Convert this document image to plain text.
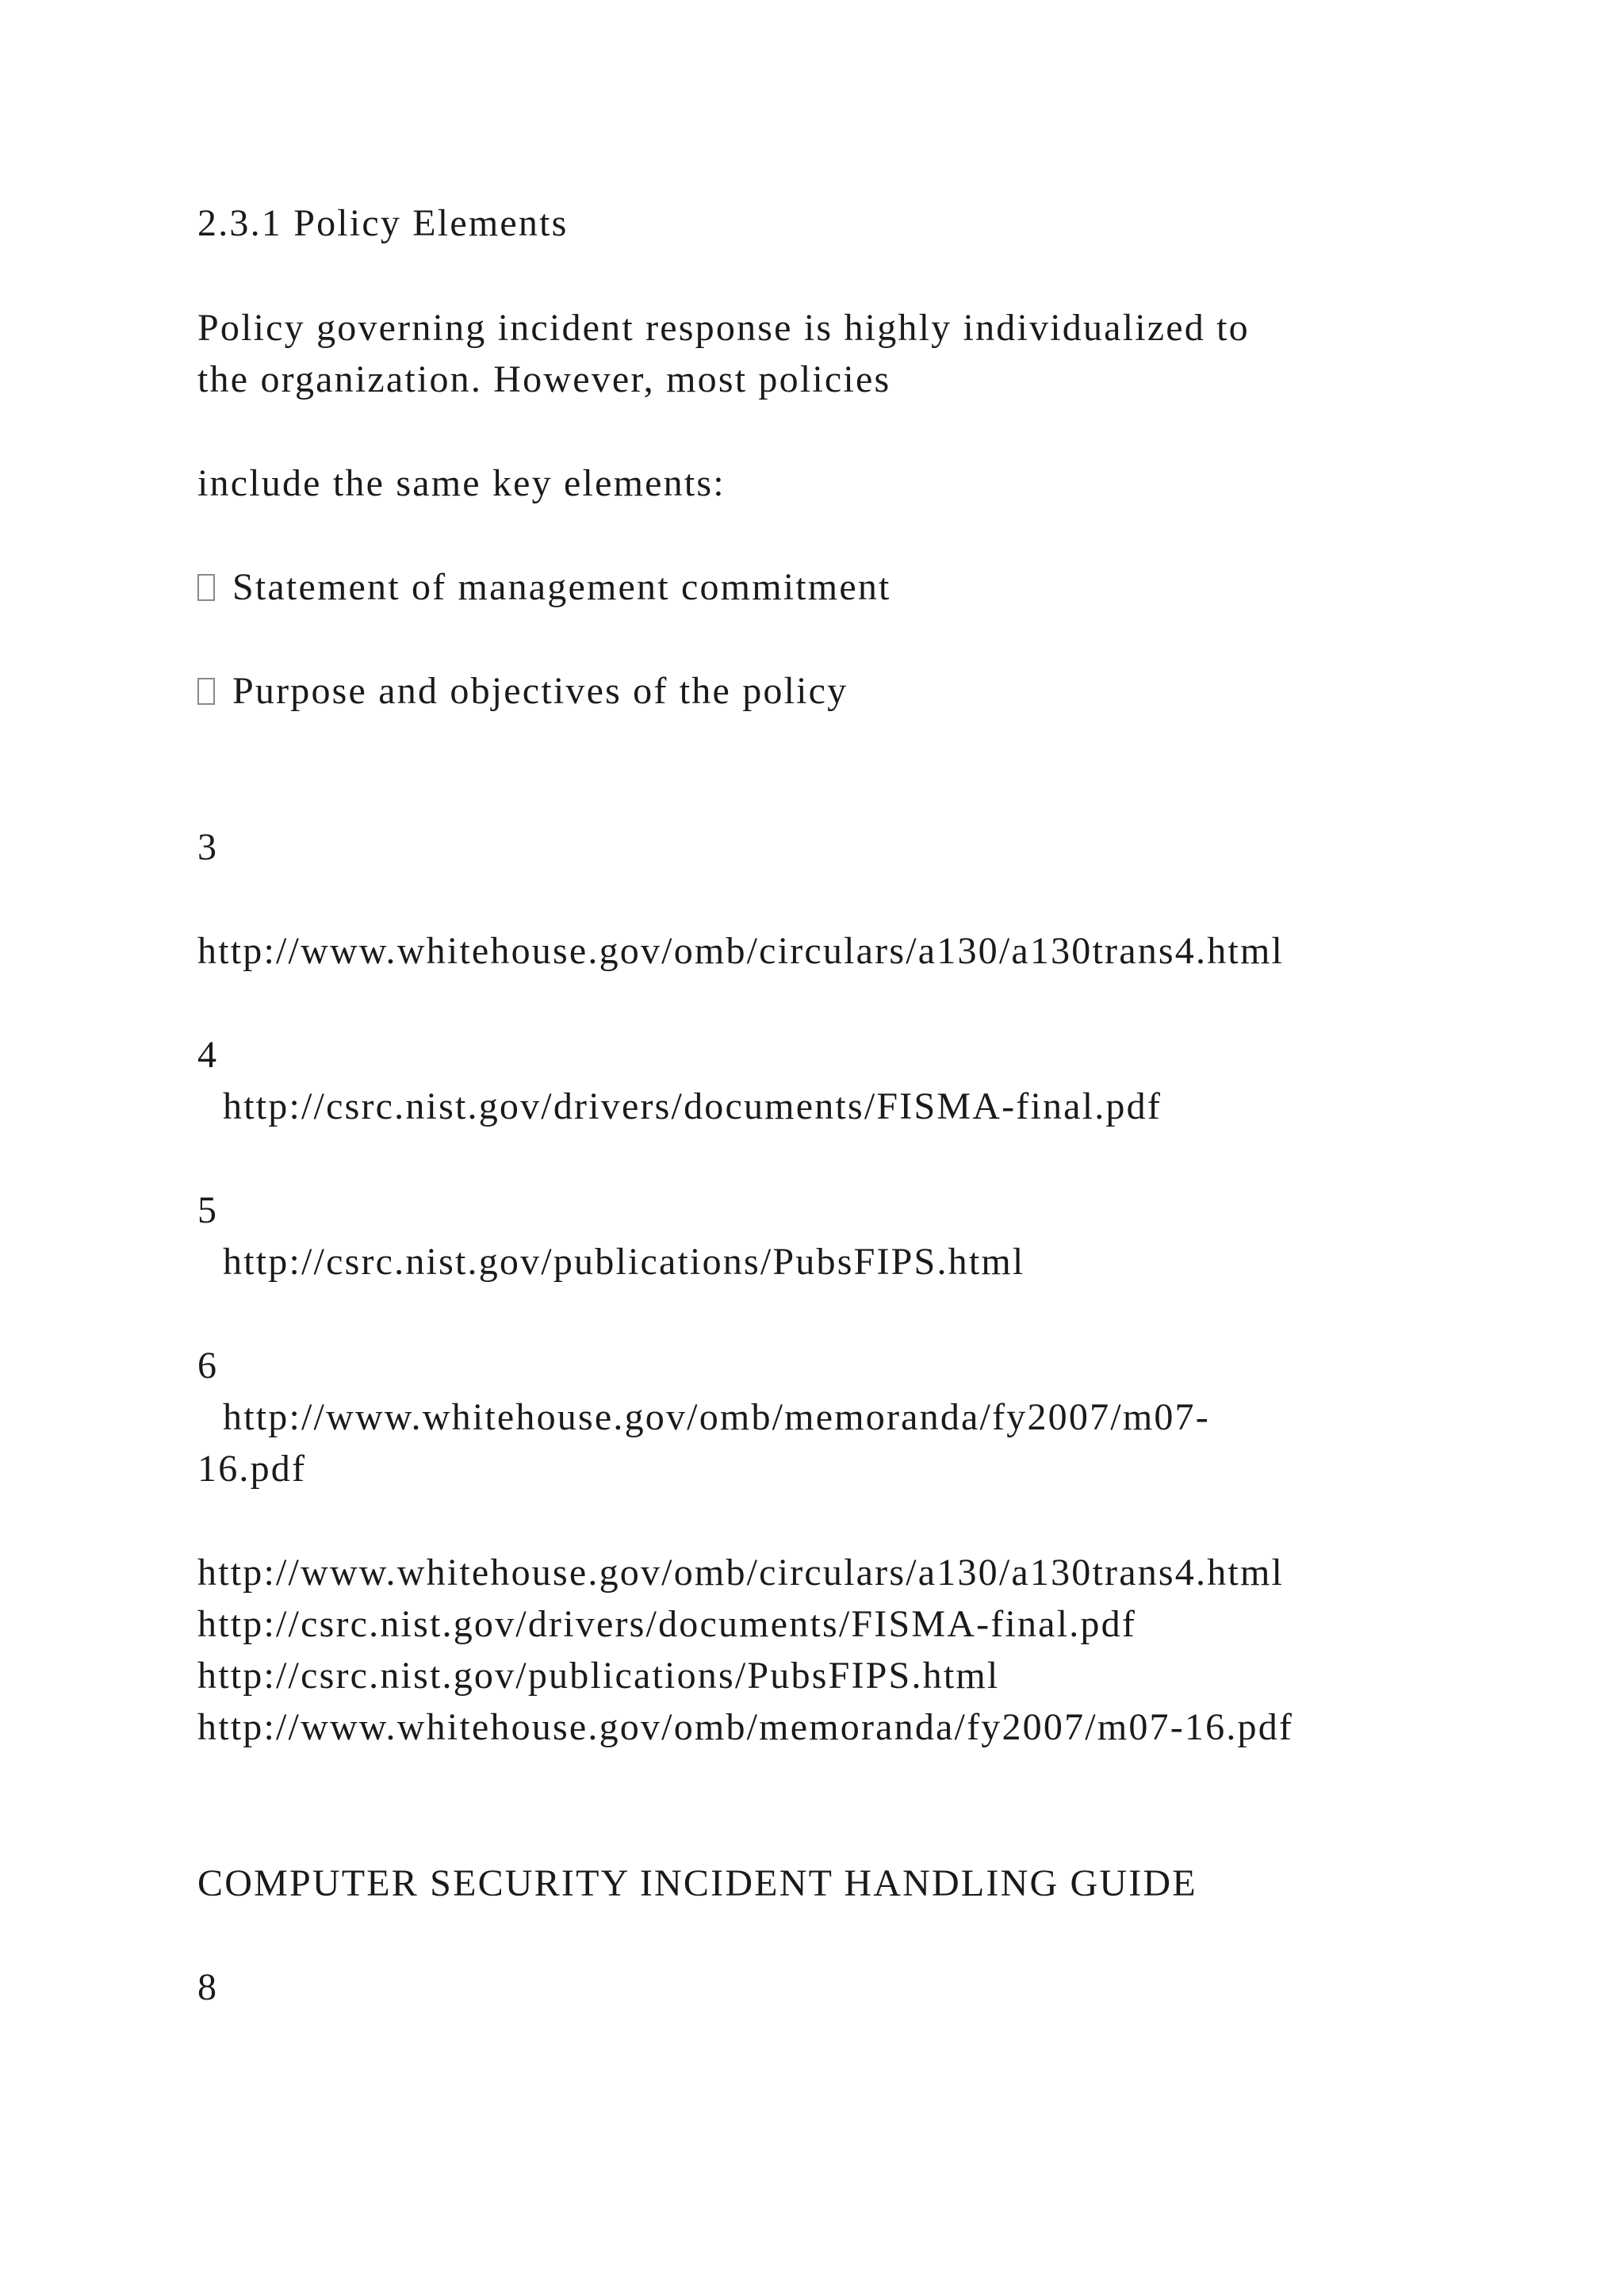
2.3.1 Policy Elements
Policy governing incident response is highly individualized to
the organization. However, most policies
include the same key elements:
Statement of management commitment
Purpose and objectives of the policy
3
http://www.whitehouse.gov/omb/circulars/a130/a130trans4.html
4
http://csrc.nist.gov/drivers/documents/FISMA-final.pdf
5
http://csrc.nist.gov/publications/PubsFIPS.html
6
http://www.whitehouse.gov/omb/memoranda/fy2007/m07-
16.pdf
http://www.whitehouse.gov/omb/circulars/a130/a130trans4.html
http://csrc.nist.gov/drivers/documents/FISMA-final.pdf
http://csrc.nist.gov/publications/PubsFIPS.html
http://www.whitehouse.gov/omb/memoranda/fy2007/m07-16.pdf
COMPUTER SECURITY INCIDENT HANDLING GUIDE
8
